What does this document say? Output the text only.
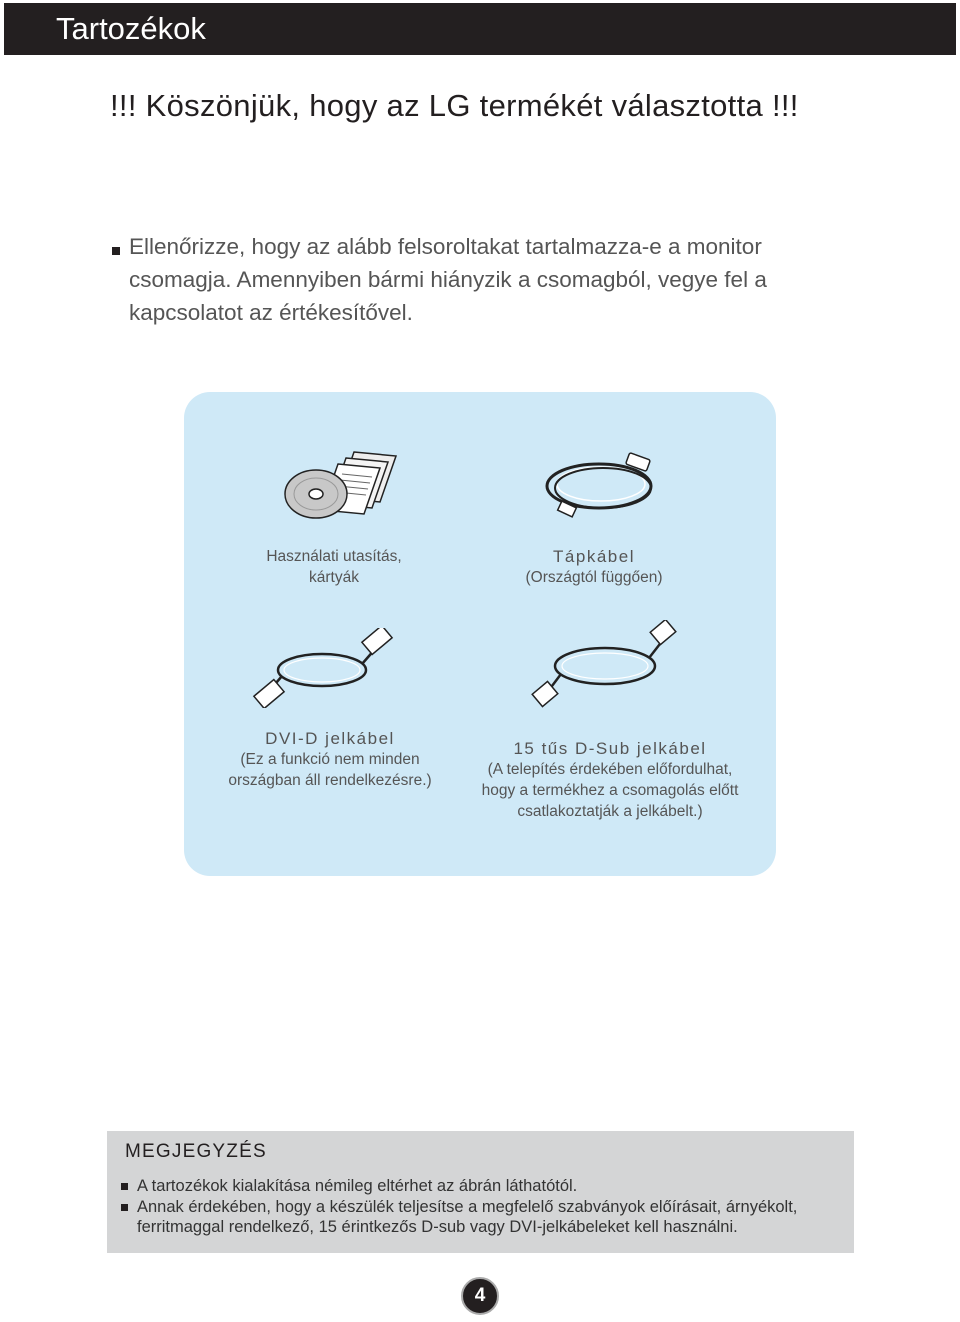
Tartozékok
!!! Köszönjük, hogy az LG termékét választotta !!!
Ellenőrizze, hogy az alább felsoroltakat tartalmazza-e a monitor csomagja. Amennyiben bármi hiányzik a csomagból, vegye fel a kapcsolatot az értékesítővel.
Használati utasítás,
kártyák
Tápkábel
(Országtól függően)
DVI-D jelkábel
(Ez a funkció nem minden országban áll rendelkezésre.)
15 tűs D-Sub jelkábel
(A telepítés érdekében előfordulhat, hogy a termékhez a csomagolás előtt csatlakoztatják a jelkábelt.)
MEGJEGYZÉS
A tartozékok kialakítása némileg eltérhet az ábrán láthatótól.
Annak érdekében, hogy a készülék teljesítse a megfelelő szabványok előírásait, árnyékolt, ferritmaggal rendelkező, 15 érintkezős D-sub vagy DVI-jelkábeleket kell használni.
4
